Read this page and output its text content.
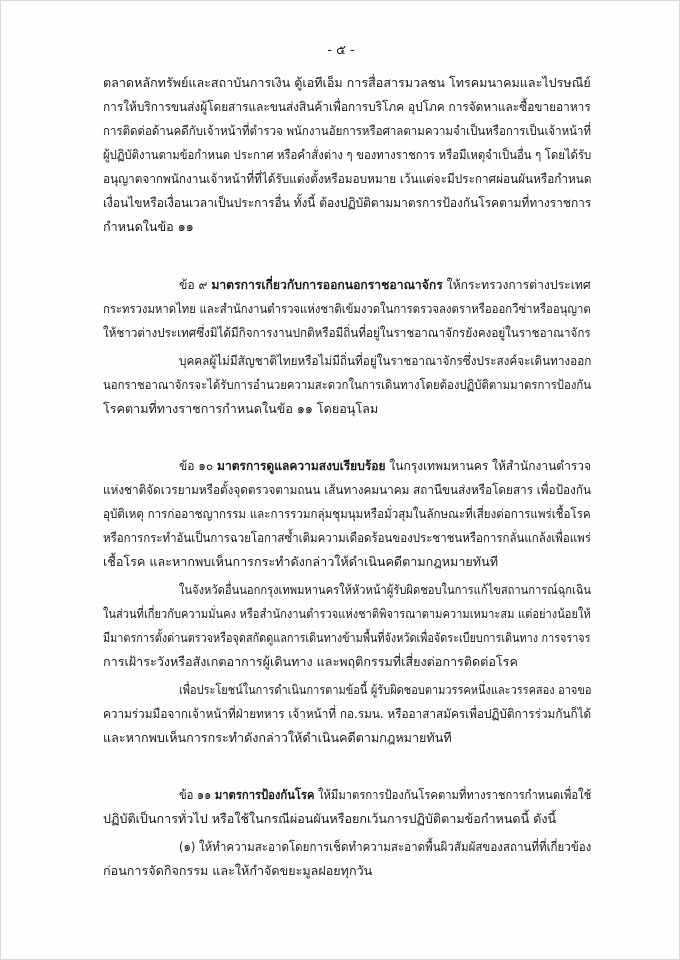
- ๕ -
ตลาดหลักทรัพย์และสถาบันการเงิน ตู้เอทีเอ็ม การสื่อสารมวลชน โทรคมนาคมและไปรษณีย์
การให้บริการขนส่งผู้โดยสารและขนส่งสินค้าเพื่อการบริโภค อุปโภค การจัดหาและซื้อขายอาหาร
การติดต่อด้านคดีกับเจ้าหน้าที่ตำรวจ พนักงานอัยการหรือศาลตามความจำเป็นหรือการเป็นเจ้าหน้าที่
ผู้ปฏิบัติงานตามข้อกำหนด ประกาศ หรือคำสั่งต่าง ๆ ของทางราชการ หรือมีเหตุจำเป็นอื่น ๆ โดยได้รับ
อนุญาตจากพนักงานเจ้าหน้าที่ที่ได้รับแต่งตั้งหรือมอบหมาย เว้นแต่จะมีประกาศผ่อนผันหรือกำหนด
เงื่อนไขหรือเงื่อนเวลาเป็นประการอื่น ทั้งนี้ ต้องปฏิบัติตามมาตรการป้องกันโรคตามที่ทางราชการ
กำหนดในข้อ ๑๑
ข้อ ๙ มาตรการเกี่ยวกับการออกนอกราชอาณาจักร ให้กระทรวงการต่างประเทศ
กระทรวงมหาดไทย และสำนักงานตำรวจแห่งชาติเข้มงวดในการตรวจลงตราหรือออกวีซ่าหรืออนุญาต
ให้ชาวต่างประเทศซึ่งมิได้มีกิจการงานปกติหรือมีถิ่นที่อยู่ในราชอาณาจักรยังคงอยู่ในราชอาณาจักร
บุคคลผู้ไม่มีสัญชาติไทยหรือไม่มีถิ่นที่อยู่ในราชอาณาจักรซึ่งประสงค์จะเดินทางออก
นอกราชอาณาจักรจะได้รับการอำนวยความสะดวกในการเดินทางโดยต้องปฏิบัติตามมาตรการป้องกัน
โรคตามที่ทางราชการกำหนดในข้อ ๑๑ โดยอนุโลม
ข้อ ๑๐ มาตรการดูแลความสงบเรียบร้อย ในกรุงเทพมหานคร ให้สำนักงานตำรวจ
แห่งชาติจัดเวรยามหรือตั้งจุดตรวจตามถนน เส้นทางคมนาคม สถานีขนส่งหรือโดยสาร เพื่อป้องกัน
อุบัติเหตุ การก่ออาชญากรรม และการรวมกลุ่มชุมนุมหรือมั่วสุมในลักษณะที่เสี่ยงต่อการแพร่เชื้อโรค
หรือการกระทำอันเป็นการฉวยโอกาสซ้ำเติมความเดือดร้อนของประชาชนหรือการกลั่นแกล้งเพื่อแพร่
เชื้อโรค และหากพบเห็นการกระทำดังกล่าวให้ดำเนินคดีตามกฎหมายทันที
ในจังหวัดอื่นนอกกรุงเทพมหานครให้หัวหน้าผู้รับผิดชอบในการแก้ไขสถานการณ์ฉุกเฉิน
ในส่วนที่เกี่ยวกับความมั่นคง หรือสำนักงานตำรวจแห่งชาติพิจารณาตามความเหมาะสม แต่อย่างน้อยให้
มีมาตรการตั้งด่านตรวจหรือจุดสกัดดูแลการเดินทางข้ามพื้นที่จังหวัดเพื่อจัดระเบียบการเดินทาง การจราจร
การเฝ้าระวังหรือสังเกตอาการผู้เดินทาง และพฤติกรรมที่เสี่ยงต่อการติดต่อโรค
เพื่อประโยชน์ในการดำเนินการตามข้อนี้ ผู้รับผิดชอบตามวรรคหนึ่งและวรรคสอง อาจขอ
ความร่วมมือจากเจ้าหน้าที่ฝ่ายทหาร เจ้าหน้าที่ กอ.รมน. หรืออาสาสมัครเพื่อปฏิบัติการร่วมกันก็ได้
และหากพบเห็นการกระทำดังกล่าวให้ดำเนินคดีตามกฎหมายทันที
ข้อ ๑๑ มาตรการป้องกันโรค ให้มีมาตรการป้องกันโรคตามที่ทางราชการกำหนดเพื่อใช้
ปฏิบัติเป็นการทั่วไป หรือใช้ในกรณีผ่อนผันหรือยกเว้นการปฏิบัติตามข้อกำหนดนี้ ดังนี้
(๑) ให้ทำความสะอาดโดยการเช็ดทำความสะอาดพื้นผิวสัมผัสของสถานที่ที่เกี่ยวข้อง
ก่อนการจัดกิจกรรม และให้กำจัดขยะมูลฝอยทุกวัน
